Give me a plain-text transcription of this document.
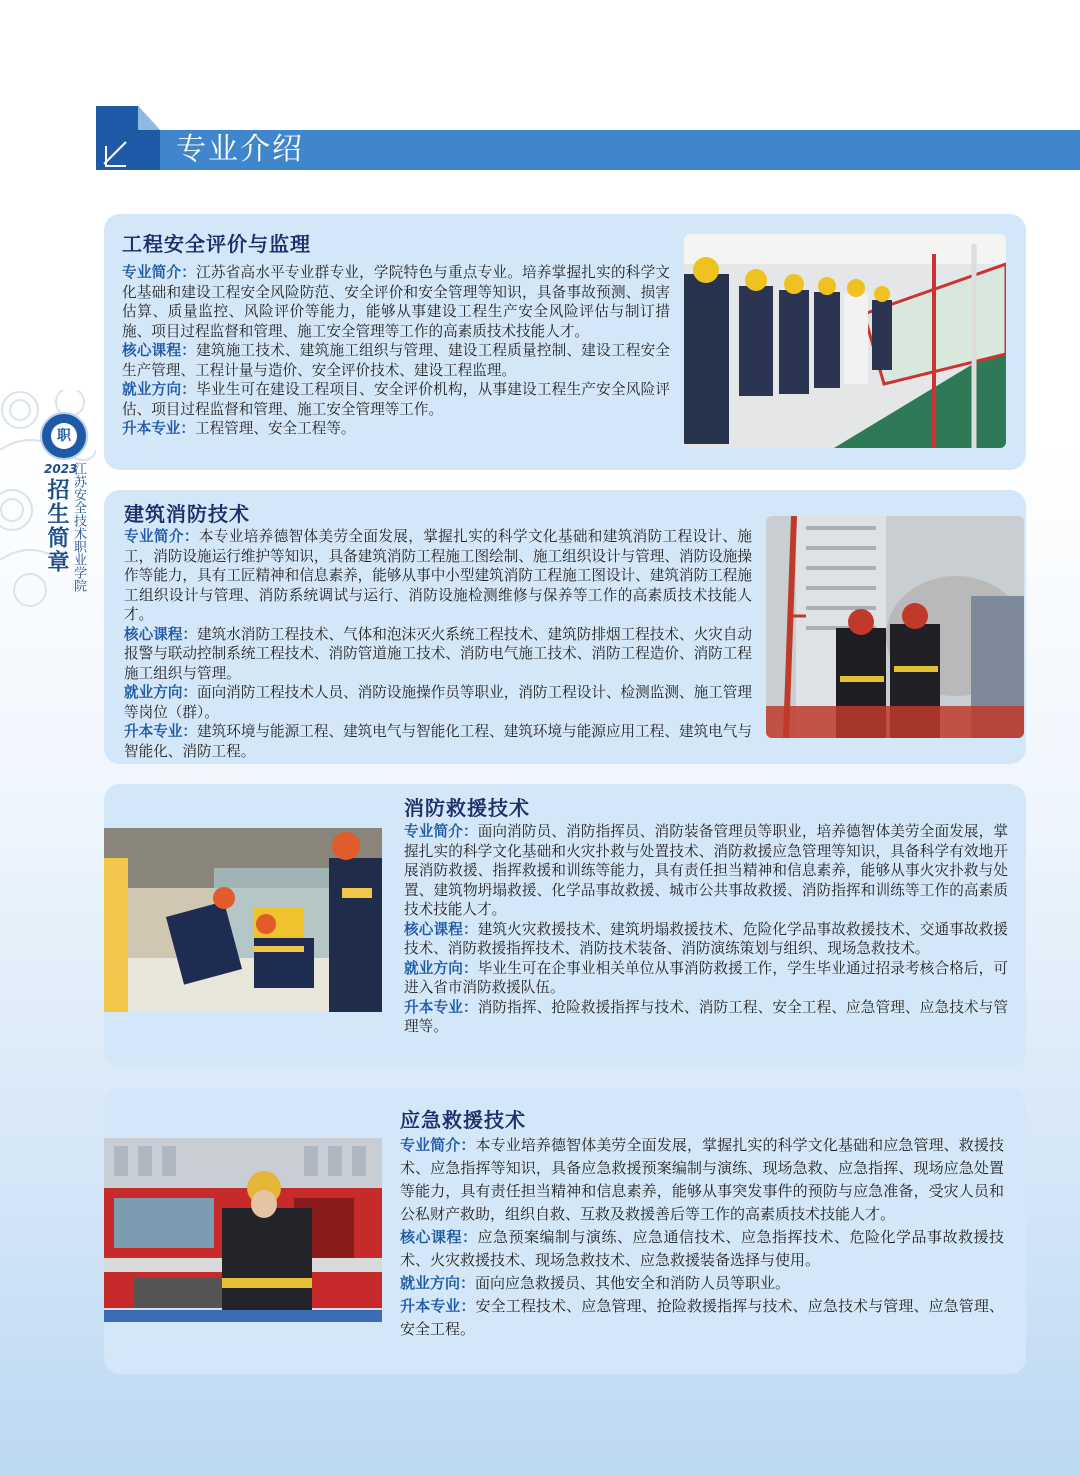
专业介绍
职
2023
招生简章 江苏安全技术职业学院
工程安全评价与监理
专业简介：江苏省高水平专业群专业，学院特色与重点专业。培养掌握扎实的科学文化基础和建设工程安全风险防范、安全评价和安全管理等知识，具备事故预测、损害估算、质量监控、风险评价等能力，能够从事建设工程生产安全风险评估与制订措施、项目过程监督和管理、施工安全管理等工作的高素质技术技能人才。
核心课程：建筑施工技术、建筑施工组织与管理、建设工程质量控制、建设工程安全生产管理、工程计量与造价、安全评价技术、建设工程监理。
就业方向：毕业生可在建设工程项目、安全评价机构，从事建设工程生产安全风险评估、项目过程监督和管理、施工安全管理等工作。
升本专业：工程管理、安全工程等。
建筑消防技术
专业简介：本专业培养德智体美劳全面发展，掌握扎实的科学文化基础和建筑消防工程设计、施工，消防设施运行维护等知识，具备建筑消防工程施工图绘制、施工组织设计与管理、消防设施操作等能力，具有工匠精神和信息素养，能够从事中小型建筑消防工程施工图设计、建筑消防工程施工组织设计与管理、消防系统调试与运行、消防设施检测维修与保养等工作的高素质技术技能人才。
核心课程：建筑水消防工程技术、气体和泡沫灭火系统工程技术、建筑防排烟工程技术、火灾自动报警与联动控制系统工程技术、消防管道施工技术、消防电气施工技术、消防工程造价、消防工程施工组织与管理。
就业方向：面向消防工程技术人员、消防设施操作员等职业，消防工程设计、检测监测、施工管理等岗位（群）。
升本专业：建筑环境与能源工程、建筑电气与智能化工程、建筑环境与能源应用工程、建筑电气与智能化、消防工程。
消防救援技术
专业简介：面向消防员、消防指挥员、消防装备管理员等职业，培养德智体美劳全面发展，掌握扎实的科学文化基础和火灾扑救与处置技术、消防救援应急管理等知识，具备科学有效地开展消防救援、指挥救援和训练等能力，具有责任担当精神和信息素养，能够从事火灾扑救与处置、建筑物坍塌救援、化学品事故救援、城市公共事故救援、消防指挥和训练等工作的高素质技术技能人才。
核心课程：建筑火灾救援技术、建筑坍塌救援技术、危险化学品事故救援技术、交通事故救援技术、消防救援指挥技术、消防技术装备、消防演练策划与组织、现场急救技术。
就业方向：毕业生可在企事业相关单位从事消防救援工作，学生毕业通过招录考核合格后，可进入省市消防救援队伍。
升本专业：消防指挥、抢险救援指挥与技术、消防工程、安全工程、应急管理、应急技术与管理等。
应急救援技术
专业简介：本专业培养德智体美劳全面发展，掌握扎实的科学文化基础和应急管理、救援技术、应急指挥等知识，具备应急救援预案编制与演练、现场急救、应急指挥、现场应急处置等能力，具有责任担当精神和信息素养，能够从事突发事件的预防与应急准备，受灾人员和公私财产救助，组织自救、互救及救援善后等工作的高素质技术技能人才。
核心课程：应急预案编制与演练、应急通信技术、应急指挥技术、危险化学品事故救援技术、火灾救援技术、现场急救技术、应急救援装备选择与使用。
就业方向：面向应急救援员、其他安全和消防人员等职业。
升本专业：安全工程技术、应急管理、抢险救援指挥与技术、应急技术与管理、应急管理、安全工程。
